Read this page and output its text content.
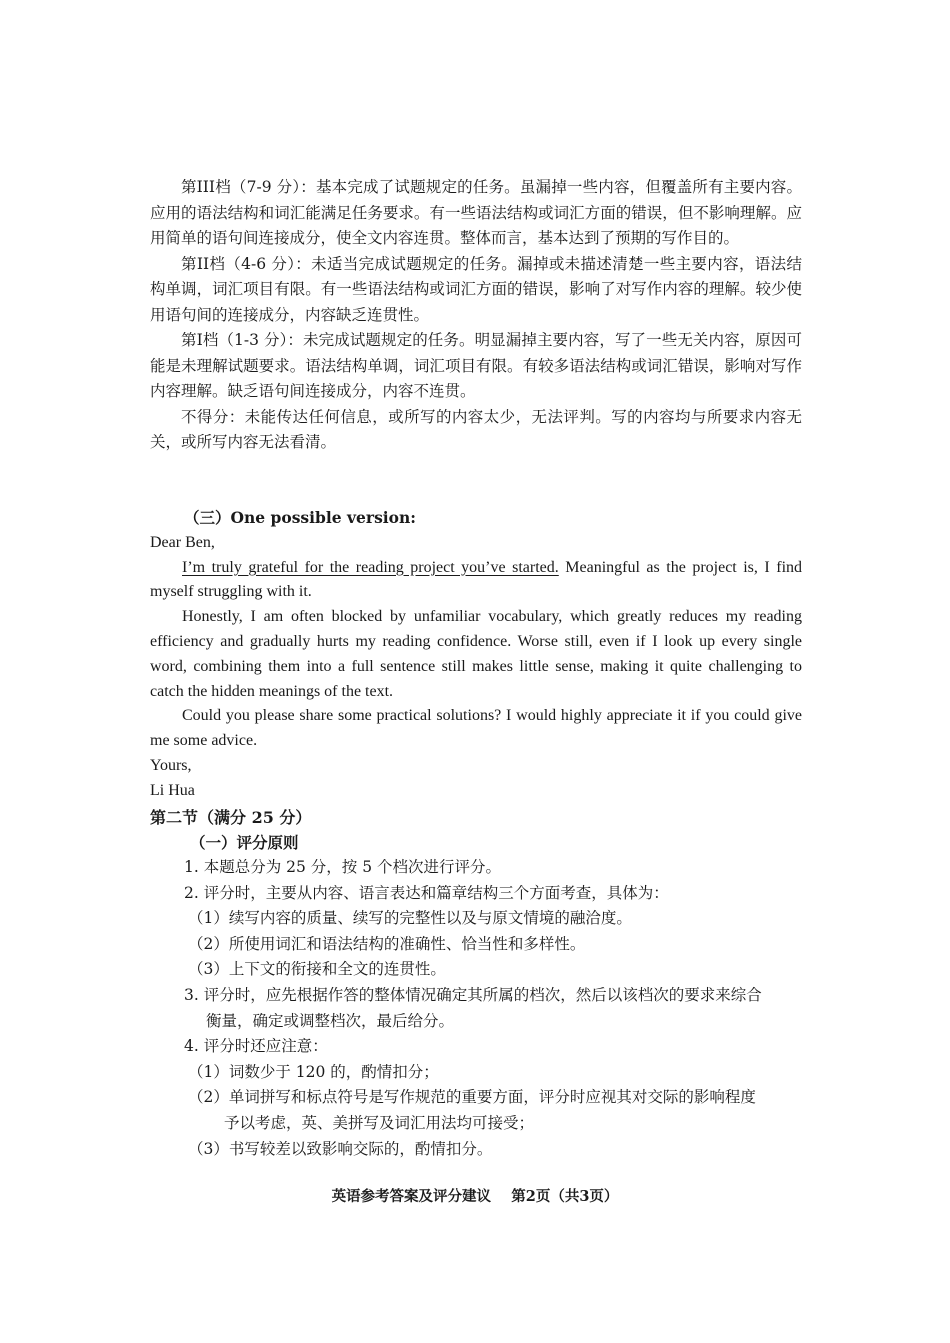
第III档（7-9 分）：基本完成了试题规定的任务。虽漏掉一些内容，但覆盖所有主要内容。应用的语法结构和词汇能满足任务要求。有一些语法结构或词汇方面的错误，但不影响理解。应用简单的语句间连接成分，使全文内容连贯。整体而言，基本达到了预期的写作目的。

第II档（4-6 分）：未适当完成试题规定的任务。漏掉或未描述清楚一些主要内容，语法结构单调，词汇项目有限。有一些语法结构或词汇方面的错误，影响了对写作内容的理解。较少使用语句间的连接成分，内容缺乏连贯性。

第I档（1-3 分）：未完成试题规定的任务。明显漏掉主要内容，写了一些无关内容，原因可能是未理解试题要求。语法结构单调，词汇项目有限。有较多语法结构或词汇错误，影响对写作内容理解。缺乏语句间连接成分，内容不连贯。

不得分：未能传达任何信息，或所写的内容太少，无法评判。写的内容均与所要求内容无关，或所写内容无法看清。

（三）One possible version:

Dear Ben,

I’m truly grateful for the reading project you’ve started. Meaningful as the project is, I find myself struggling with it.

Honestly, I am often blocked by unfamiliar vocabulary, which greatly reduces my reading efficiency and gradually hurts my reading confidence. Worse still, even if I look up every single word, combining them into a full sentence still makes little sense, making it quite challenging to catch the hidden meanings of the text.

Could you please share some practical solutions? I would highly appreciate it if you could give me some advice.

Yours,

Li Hua

第二节（满分 25 分）

（一）评分原则

1. 本题总分为 25 分，按 5 个档次进行评分。

2. 评分时，主要从内容、语言表达和篇章结构三个方面考查，具体为：

（1）续写内容的质量、续写的完整性以及与原文情境的融洽度。

（2）所使用词汇和语法结构的准确性、恰当性和多样性。

（3）上下文的衔接和全文的连贯性。

3. 评分时，应先根据作答的整体情况确定其所属的档次，然后以该档次的要求来综合

衡量，确定或调整档次，最后给分。

4. 评分时还应注意：

（1）词数少于 120 的，酌情扣分；

（2）单词拼写和标点符号是写作规范的重要方面，评分时应视其对交际的影响程度

予以考虑，英、美拼写及词汇用法均可接受；

（3）书写较差以致影响交际的，酌情扣分。

英语参考答案及评分建议    第2页（共3页）
